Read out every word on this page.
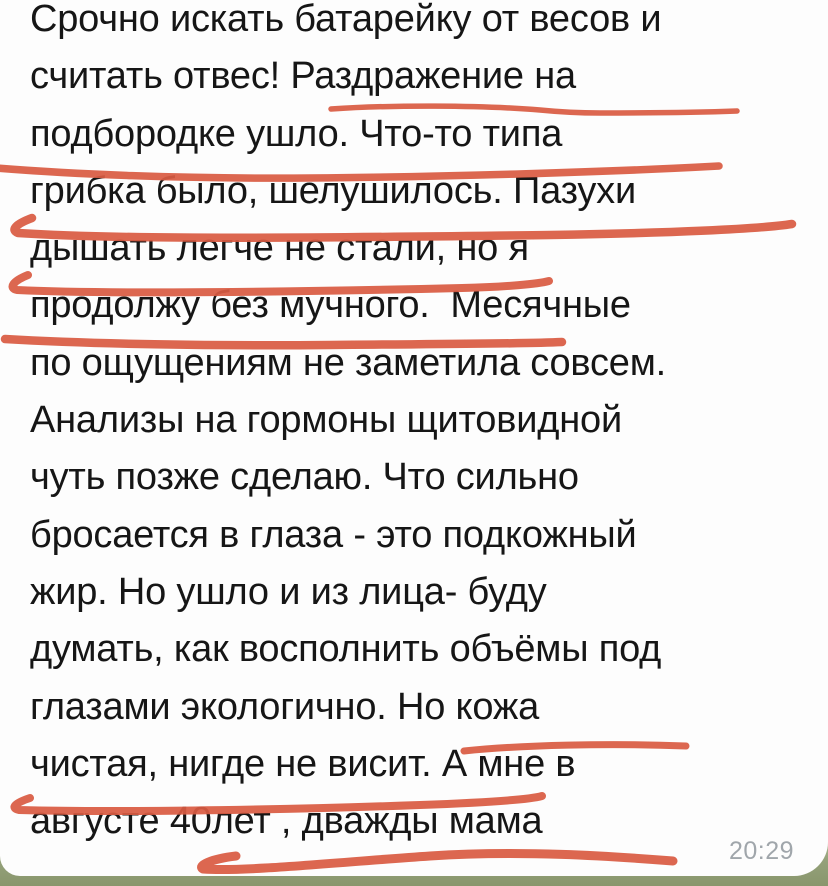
Срочно искать батарейку от весов и
считать отвес! Раздражение на
подбородке ушло. Что-то типа
грибка было, шелушилось. Пазухи
дышать легче не стали, но я
продолжу без мучного.  Месячные
по ощущениям не заметила совсем.
Анализы на гормоны щитовидной
чуть позже сделаю. Что сильно
бросается в глаза - это подкожный
жир. Но ушло и из лица- буду
думать, как восполнить объёмы под
глазами экологично. Но кожа
чистая, нигде не висит. А мне в
августе 40лет , дважды мама
20:29
